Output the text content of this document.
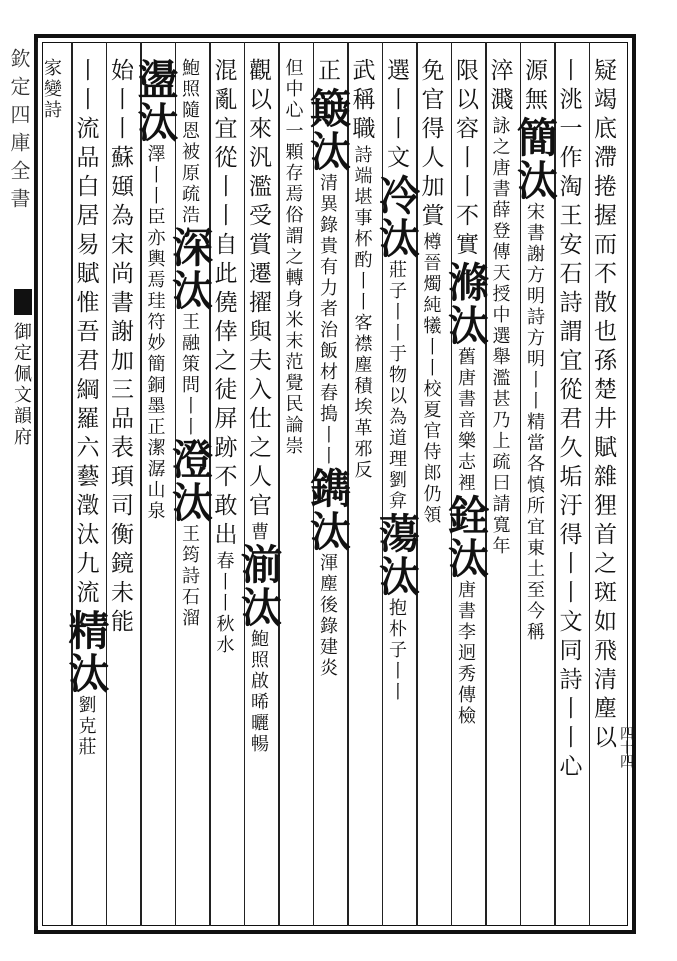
欽定四庫全書
御定佩文韻府	疑竭底滯捲握而不散也孫楚井賦雜狸首之斑如飛清塵以
丨洮一作淘王安石詩謂宜從君久垢汙得丨丨文同詩丨丨心
源無簡汰宋書謝方明詩方明丨丨精當各慎所宜東土至今稱
淬濺詠之唐書薛登傳天授中選舉濫甚乃上疏曰請寬年
限以容丨丨不實滌汰舊唐書音樂志裡銓汰唐書李迥秀傳檢
免官得人加賞樽晉燭純犧丨丨校夏官侍郎仍領
選丨丨文冷汰莊子丨丨于物以為道理劉弇蕩汰抱朴子丨丨
武稱職詩端堪事杯酌丨丨客襟塵積埃革邪反
正簸汰清異錄貴有力者治飯材舂搗丨丨鐫汰渾塵後錄建炎
但中心一顆存焉俗謂之轉身米末范覺民論崇
觀以來汎濫受賞遷擢與夫入仕之人官曹湔汰鮑照啟晞曬暢
混亂宜從丨丨自此僥倖之徒屏跡不敢出春丨丨秋水
鮑照隨恩被原疏浩深汰王融策問丨丨澄汰王筠詩石溜
盪汰澤丨丨臣亦輿焉珪符妙簡銅墨正潔潺山泉
始丨丨蘇頲為宋尚書謝加三品表頊司衡鏡未能
丨丨流品白居易賦惟吾君綱羅六藝澂汰九流精汰劉克莊
家變詩
四十四
